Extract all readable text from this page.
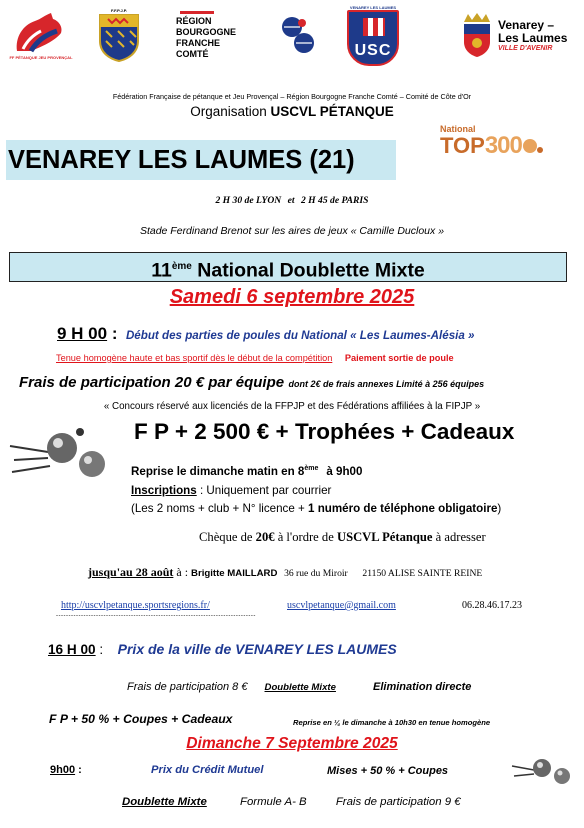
FF PÉTANQUE JEU PROVENÇAL
F.F.P.J.P.
RÉGION
BOURGOGNE
FRANCHE
COMTÉ
VENAREY LES LAUMES
USC
Venarey –
Les Laumes
VILLE D'AVENIR
Fédération Française de pétanque et Jeu Provençal – Région Bourgogne Franche Comté – Comité de Côte d'Or
Organisation USCVL PÉTANQUE
VENAREY LES LAUMES (21)
National
TOP 300
2 H 30 de LYON et 2 H 45 de PARIS
Stade Ferdinand Brenot sur les aires de jeux « Camille Ducloux »
11ème National Doublette Mixte
Samedi 6 septembre 2025
9 H 00 : Début des parties de poules du National « Les Laumes-Alésia »
Tenue homogène haute et bas sportif dès le début de la compétition Paiement sortie de poule
Frais de participation 20 € par équipe dont 2€ de frais annexes Limité à 256 équipes
« Concours réservé aux licenciés de la FFPJP et des Fédérations affiliées à la FIPJP »
F P + 2 500 € + Trophées + Cadeaux
Reprise le dimanche matin en 8ème à 9h00
Inscriptions : Uniquement par courrier
(Les 2 noms + club + N° licence + 1 numéro de téléphone obligatoire)
Chèque de 20€ à l'ordre de USCVL Pétanque à adresser
jusqu'au 28 août à : Brigitte MAILLARD 36 rue du Miroir 21150 ALISE SAINTE REINE
http://uscvlpetanque.sportsregions.fr/	uscvlpetanque@gmail.com	06.28.46.17.23
--------------------------------------------------------------------------------
16 H 00 : Prix de la ville de VENAREY LES LAUMES
Frais de participation 8 € Doublette Mixte	Elimination directe
F P + 50 % + Coupes + Cadeaux	Reprise en ¼ le dimanche à 10h30 en tenue homogène
Dimanche 7 Septembre 2025
9h00 :	Prix du Crédit Mutuel	Mises + 50 % + Coupes
Doublette Mixte	Formule A- B	Frais de participation 9 €
